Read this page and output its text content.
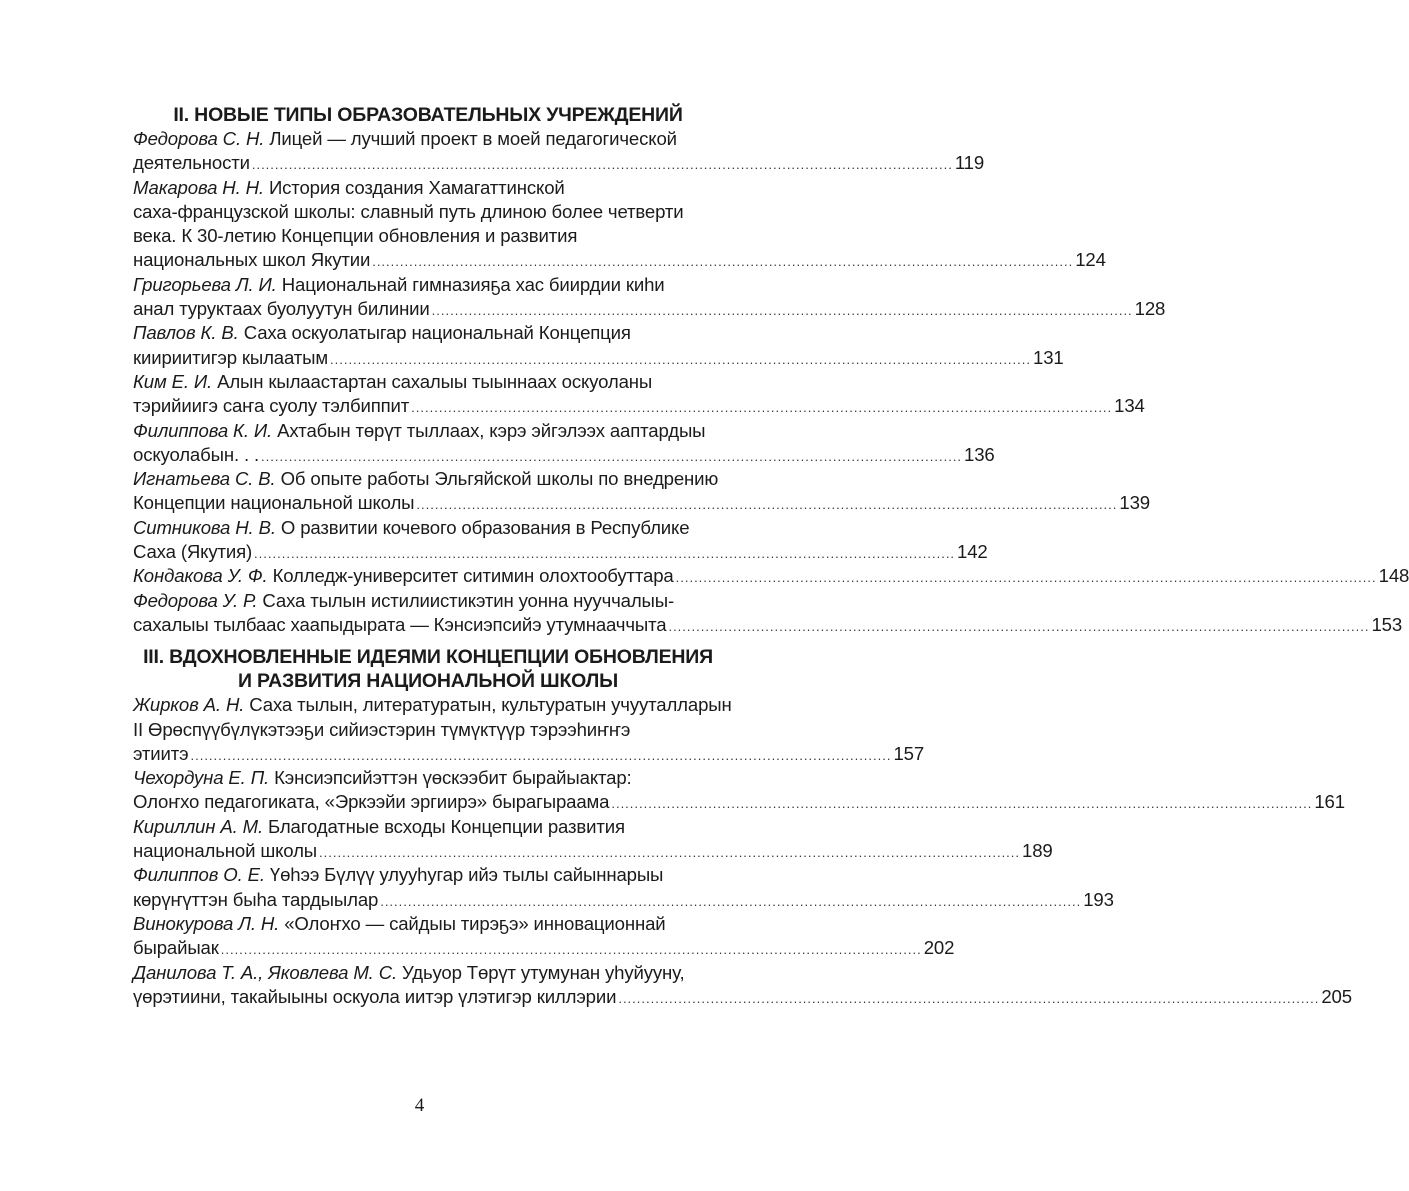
II. НОВЫЕ ТИПЫ ОБРАЗОВАТЕЛЬНЫХ УЧРЕЖДЕНИЙ
Федорова С. Н. Лицей — лучший проект в моей педагогической
деятельности ........................................................................................................................................................ 119
Макарова Н. Н. История создания Хамагаттинской
саха-французской школы: славный путь длиною более четверти
века. К 30-летию Концепции обновления и развития
национальных школ Якутии ........................................................................................................................................................ 124
Григорьева Л. И. Национальнай гимназияҕа хас биирдии киһи
анал туруктаах буолуутун билинии ........................................................................................................................................................ 128
Павлов К. В. Саха оскуолатыгар национальнай Концепция
киириитигэр кылаатым ........................................................................................................................................................ 131
Ким Е. И. Алын кылаастартан сахалыы тыыннаах оскуоланы
тэрийиигэ саҥа суолу тэлбиппит ........................................................................................................................................................ 134
Филиппова К. И. Ахтабын төрүт тыллаах, кэрэ эйгэлээх ааптардыы
оскуолабын. . . ........................................................................................................................................................ 136
Игнатьева С. В. Об опыте работы Эльгяйской школы по внедрению
Концепции национальной школы ........................................................................................................................................................ 139
Ситникова Н. В. О развитии кочевого образования в Республике
Саха (Якутия) ........................................................................................................................................................ 142
Кондакова У. Ф. Колледж-университет ситимин олохтообуттара ........................................................................................................................................................ 148
Федорова У. Р. Саха тылын истилиистикэтин уонна нууччалыы-
сахалыы тылбаас хаапыдырата — Кэнсиэпсийэ утумнааччыта ........................................................................................................................................................ 153
III. ВДОХНОВЛЕННЫЕ ИДЕЯМИ КОНЦЕПЦИИ ОБНОВЛЕНИЯ
И РАЗВИТИЯ НАЦИОНАЛЬНОЙ ШКОЛЫ
Жирков А. Н. Саха тылын, литературатын, культуратын учууталларын
II Өрөспүүбүлүкэтээҕи сийиэстэрин түмүктүүр тэрээһиҥҥэ
этиитэ ........................................................................................................................................................ 157
Чехордуна Е. П. Кэнсиэпсийэттэн үөскээбит бырайыактар:
Олоҥхо педагогиката, «Эркээйи эргиирэ» бырагыраама ........................................................................................................................................................ 161
Кириллин А. М. Благодатные всходы Концепции развития
национальной школы ........................................................................................................................................................ 189
Филиппов О. Е. Үөһээ Бүлүү улууһугар ийэ тылы сайыннарыы
көрүҥүттэн быһа тардыылар ........................................................................................................................................................ 193
Винокурова Л. Н. «Олоҥхо — сайдыы тирэҕэ» инновационнай
бырайыак ........................................................................................................................................................ 202
Данилова Т. А., Яковлева М. С. Удьуор Төрүт утумунан уһуйууну,
үөрэтиини, такайыыны оскуола иитэр үлэтигэр киллэрии ........................................................................................................................................................ 205
4
